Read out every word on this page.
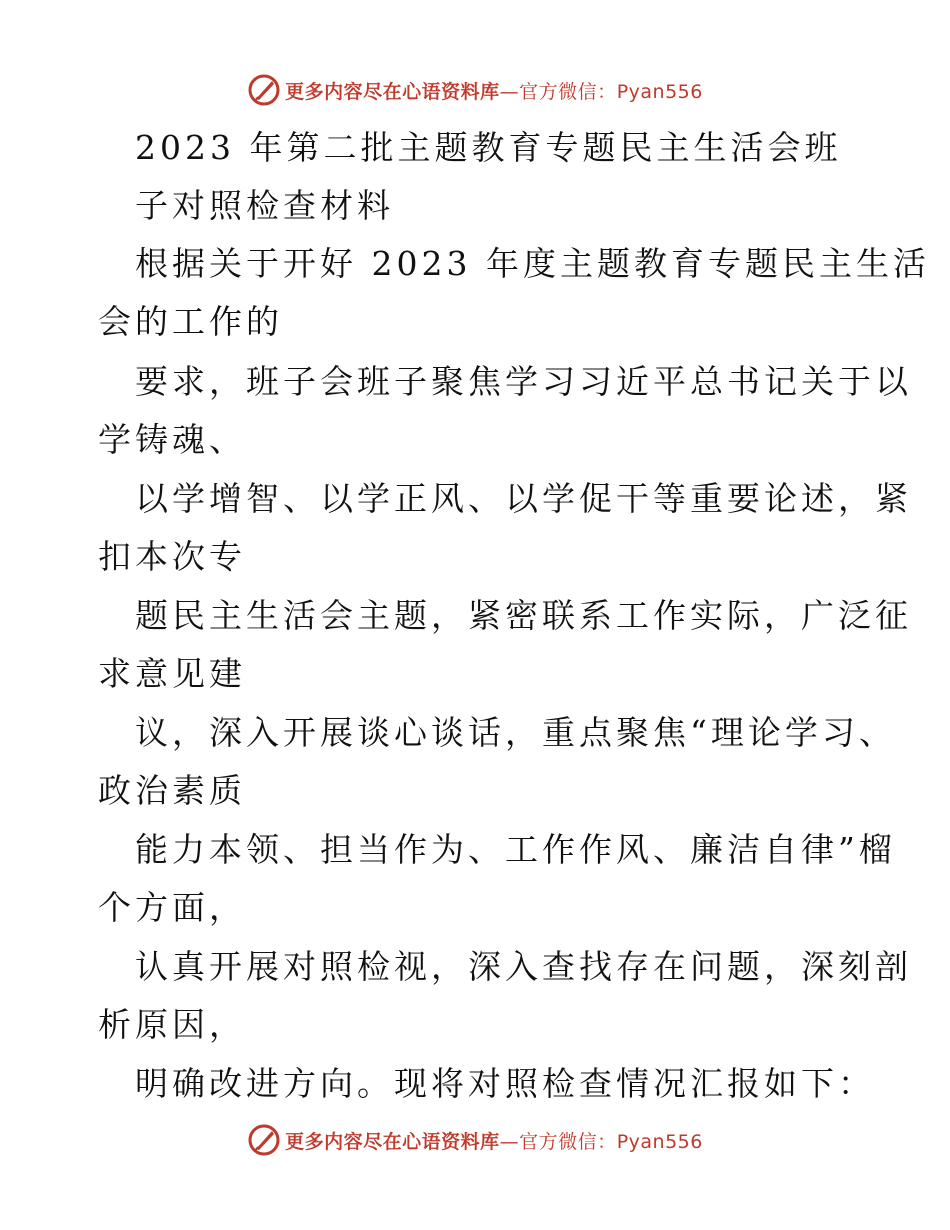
更多内容尽在心语资料库—官方微信：Pyan556
2023 年第二批主题教育专题民主生活会班
子对照检查材料
根据关于开好 2023 年度主题教育专题民主生活
会的工作的
要求，班子会班子聚焦学习习近平总书记关于以
学铸魂、
以学增智、以学正风、以学促干等重要论述，紧
扣本次专
题民主生活会主题，紧密联系工作实际，广泛征
求意见建
议，深入开展谈心谈话，重点聚焦“理论学习、
政治素质
能力本领、担当作为、工作作风、廉洁自律”榴
个方面，
认真开展对照检视，深入查找存在问题，深刻剖
析原因，
明确改进方向。现将对照检查情况汇报如下：
更多内容尽在心语资料库—官方微信：Pyan556
